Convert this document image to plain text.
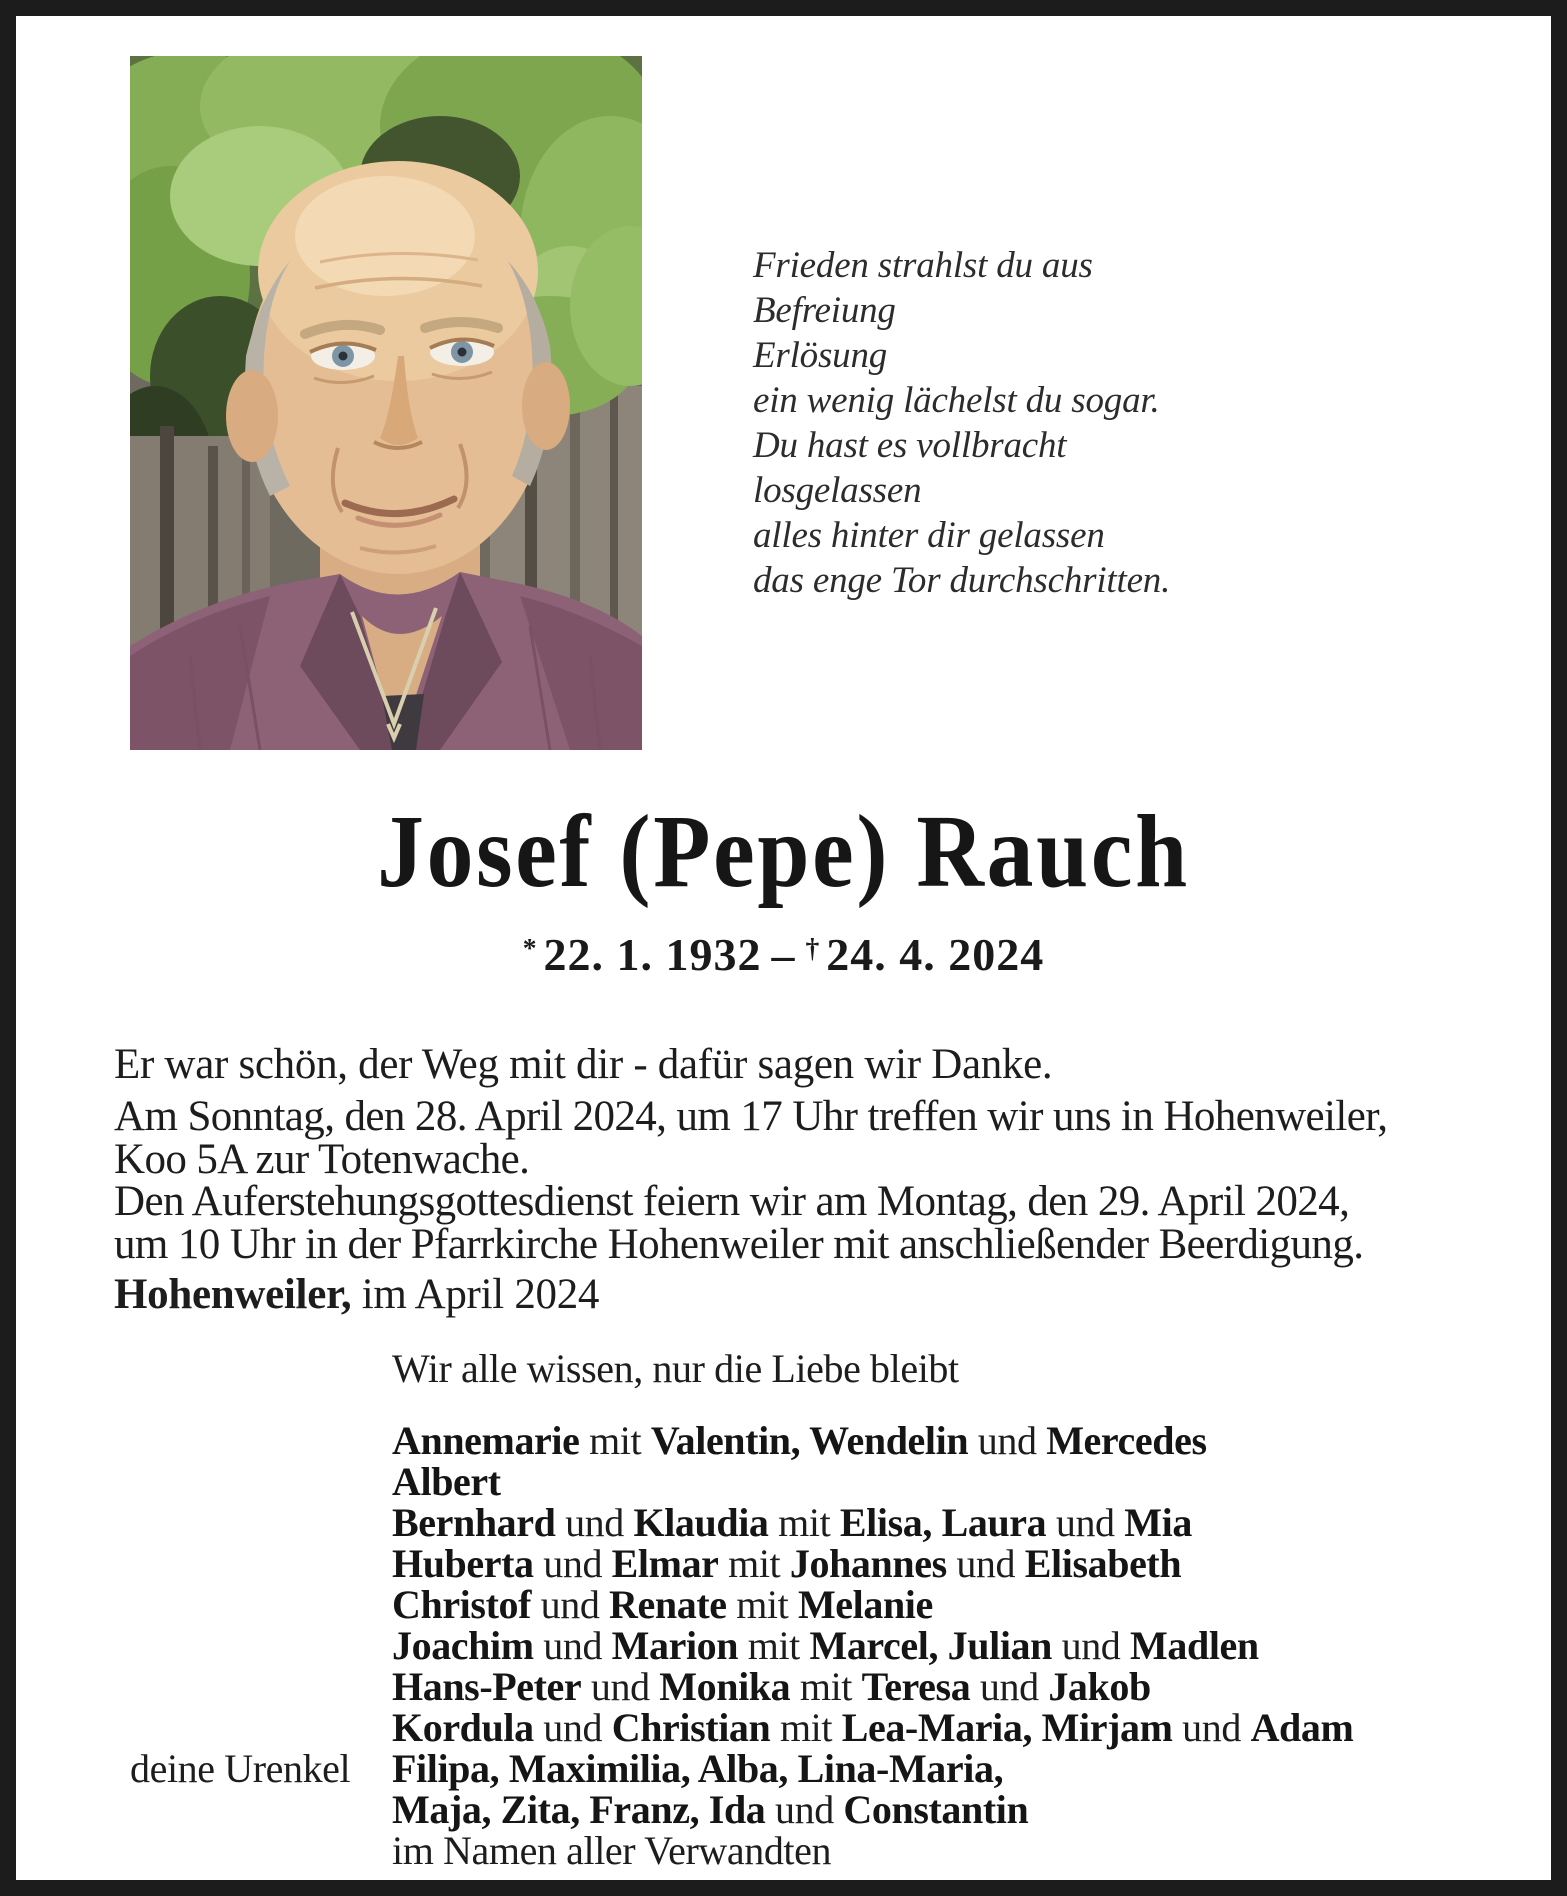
Frieden strahlst du aus
Befreiung
Erlösung
ein wenig lächelst du sogar.
Du hast es vollbracht
losgelassen
alles hinter dir gelassen
das enge Tor durchschritten.
Josef (Pepe) Rauch
* 22. 1. 1932 – † 24. 4. 2024

Er war schön, der Weg mit dir - dafür sagen wir Danke.

Am Sonntag, den 28. April 2024, um 17 Uhr treffen wir uns in Hohenweiler,
Koo 5A zur Totenwache.
Den Auferstehungsgottesdienst feiern wir am Montag, den 29. April 2024,
um 10 Uhr in der Pfarrkirche Hohenweiler mit anschließender Beerdigung.
Hohenweiler, im April 2024
Wir alle wissen, nur die Liebe bleibt
Annemarie mit Valentin, Wendelin und Mercedes
Albert
Bernhard und Klaudia mit Elisa, Laura und Mia
Huberta und Elmar mit Johannes und Elisabeth
Christof und Renate mit Melanie
Joachim und Marion mit Marcel, Julian und Madlen
Hans-Peter und Monika mit Teresa und Jakob
Kordula und Christian mit Lea-Maria, Mirjam und Adam
deine Urenkel Filipa, Maximilia, Alba, Lina-Maria,
Maja, Zita, Franz, Ida und Constantin
im Namen aller Verwandten
